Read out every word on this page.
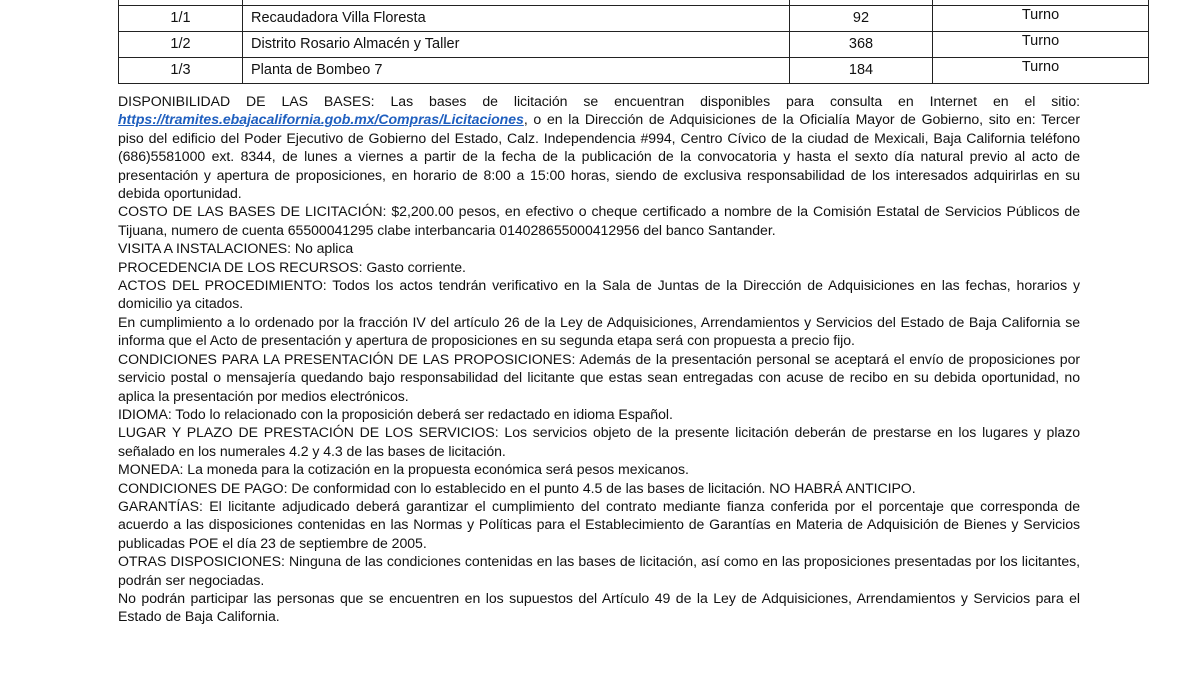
1/1	Recaudadora Villa Floresta	92	Turno
1/2	Distrito Rosario Almacén y Taller	368	Turno
1/3	Planta de Bombeo 7	184	Turno

DISPONIBILIDAD DE LAS BASES: Las bases de licitación se encuentran disponibles para consulta en Internet en el sitio: https://tramites.ebajacalifornia.gob.mx/Compras/Licitaciones, o en la Dirección de Adquisiciones de la Oficialía Mayor de Gobierno, sito en: Tercer piso del edificio del Poder Ejecutivo de Gobierno del Estado, Calz. Independencia #994, Centro Cívico de la ciudad de Mexicali, Baja California teléfono (686)5581000 ext. 8344, de lunes a viernes a partir de la fecha de la publicación de la convocatoria y hasta el sexto día natural previo al acto de presentación y apertura de proposiciones, en horario de 8:00 a 15:00 horas, siendo de exclusiva responsabilidad de los interesados adquirirlas en su debida oportunidad.

COSTO DE LAS BASES DE LICITACIÓN: $2,200.00 pesos, en efectivo o cheque certificado a nombre de la Comisión Estatal de Servicios Públicos de Tijuana, numero de cuenta 65500041295 clabe interbancaria 014028655000412956 del banco Santander.

VISITA A INSTALACIONES: No aplica

PROCEDENCIA DE LOS RECURSOS: Gasto corriente.

ACTOS DEL PROCEDIMIENTO: Todos los actos tendrán verificativo en la Sala de Juntas de la Dirección de Adquisiciones en las fechas, horarios y domicilio ya citados.

En cumplimiento a lo ordenado por la fracción IV del artículo 26 de la Ley de Adquisiciones, Arrendamientos y Servicios del Estado de Baja California se informa que el Acto de presentación y apertura de proposiciones en su segunda etapa será con propuesta a precio fijo.

CONDICIONES PARA LA PRESENTACIÓN DE LAS PROPOSICIONES: Además de la presentación personal se aceptará el envío de proposiciones por servicio postal o mensajería quedando bajo responsabilidad del licitante que estas sean entregadas con acuse de recibo en su debida oportunidad, no aplica la presentación por medios electrónicos.

IDIOMA: Todo lo relacionado con la proposición deberá ser redactado en idioma Español.

LUGAR Y PLAZO DE PRESTACIÓN DE LOS SERVICIOS: Los servicios objeto de la presente licitación deberán de prestarse en los lugares y plazo señalado en los numerales 4.2 y 4.3 de las bases de licitación.

MONEDA: La moneda para la cotización en la propuesta económica será pesos mexicanos.

CONDICIONES DE PAGO: De conformidad con lo establecido en el punto 4.5 de las bases de licitación. NO HABRÁ ANTICIPO.

GARANTÍAS: El licitante adjudicado deberá garantizar el cumplimiento del contrato mediante fianza conferida por el porcentaje que corresponda de acuerdo a las disposiciones contenidas en las Normas y Políticas para el Establecimiento de Garantías en Materia de Adquisición de Bienes y Servicios publicadas POE el día 23 de septiembre de 2005.

OTRAS DISPOSICIONES: Ninguna de las condiciones contenidas en las bases de licitación, así como en las proposiciones presentadas por los licitantes, podrán ser negociadas.

No podrán participar las personas que se encuentren en los supuestos del Artículo 49 de la Ley de Adquisiciones, Arrendamientos y Servicios para el Estado de Baja California.
